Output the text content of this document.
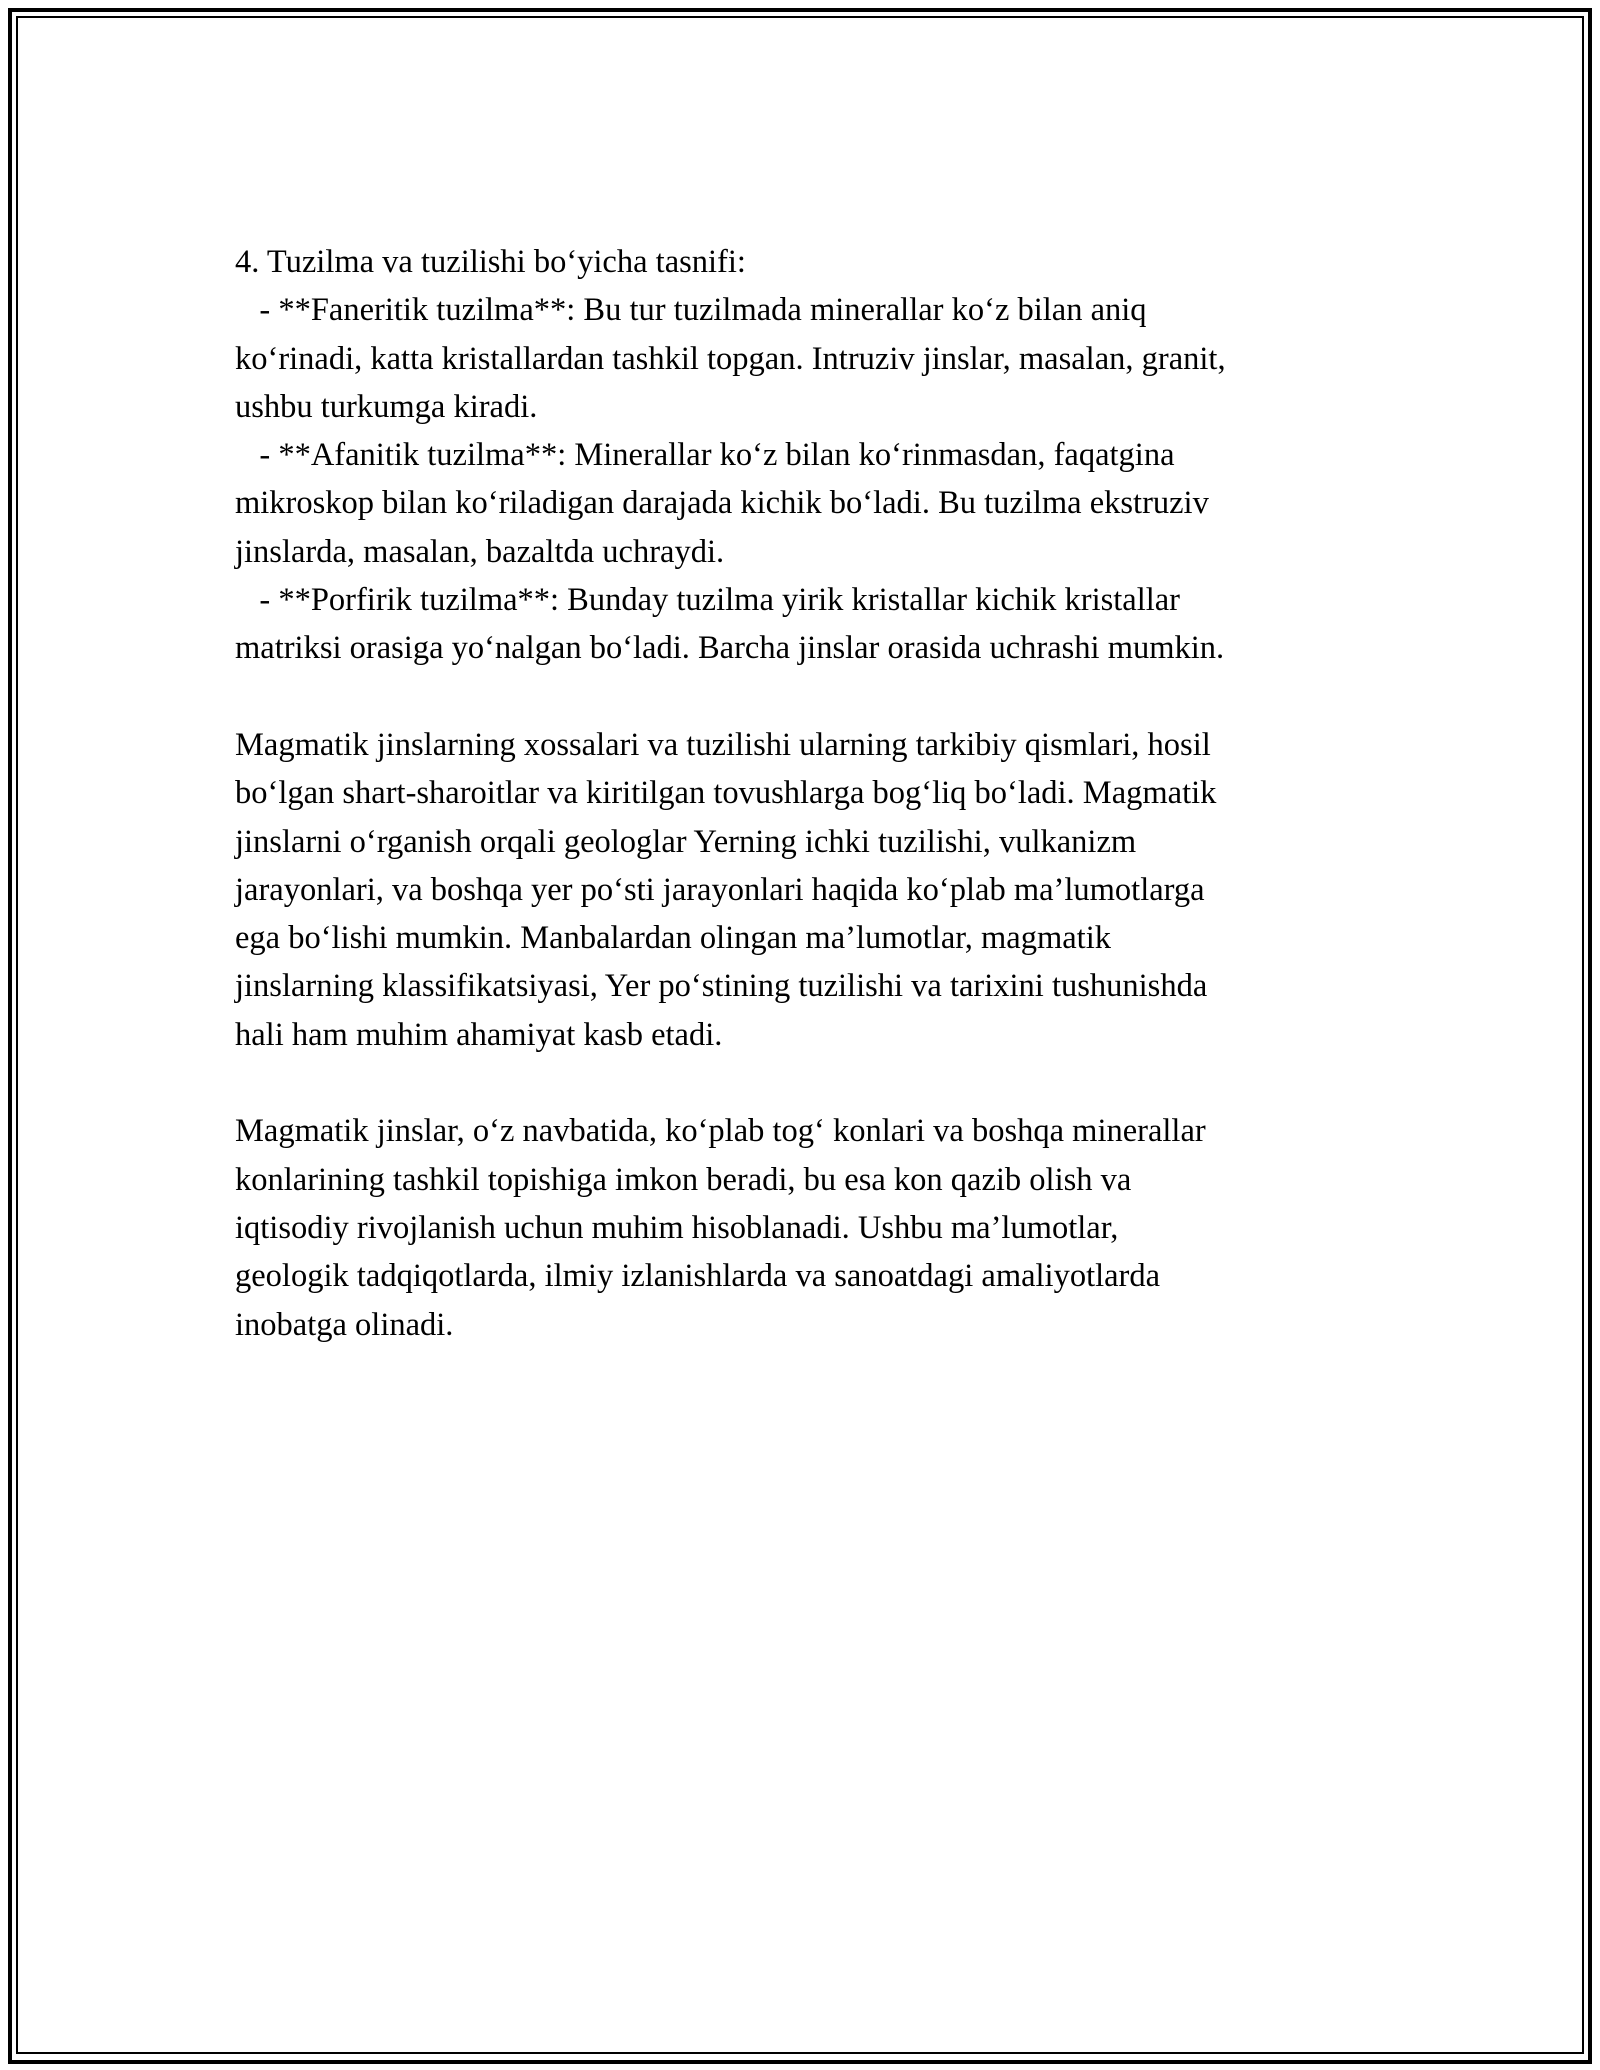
4. Tuzilma va tuzilishi bo‘yicha tasnifi:
- **Faneritik tuzilma**: Bu tur tuzilmada minerallar ko‘z bilan aniq
ko‘rinadi, katta kristallardan tashkil topgan. Intruziv jinslar, masalan, granit,
ushbu turkumga kiradi.
- **Afanitik tuzilma**: Minerallar ko‘z bilan ko‘rinmasdan, faqatgina
mikroskop bilan ko‘riladigan darajada kichik bo‘ladi. Bu tuzilma ekstruziv
jinslarda, masalan, bazaltda uchraydi.
- **Porfirik tuzilma**: Bunday tuzilma yirik kristallar kichik kristallar
matriksi orasiga yo‘nalgan bo‘ladi. Barcha jinslar orasida uchrashi mumkin.
Magmatik jinslarning xossalari va tuzilishi ularning tarkibiy qismlari, hosil
bo‘lgan shart-sharoitlar va kiritilgan tovushlarga bog‘liq bo‘ladi. Magmatik
jinslarni o‘rganish orqali geologlar Yerning ichki tuzilishi, vulkanizm
jarayonlari, va boshqa yer po‘sti jarayonlari haqida ko‘plab ma’lumotlarga
ega bo‘lishi mumkin. Manbalardan olingan ma’lumotlar, magmatik
jinslarning klassifikatsiyasi, Yer po‘stining tuzilishi va tarixini tushunishda
hali ham muhim ahamiyat kasb etadi.
Magmatik jinslar, o‘z navbatida, ko‘plab tog‘ konlari va boshqa minerallar
konlarining tashkil topishiga imkon beradi, bu esa kon qazib olish va
iqtisodiy rivojlanish uchun muhim hisoblanadi. Ushbu ma’lumotlar,
geologik tadqiqotlarda, ilmiy izlanishlarda va sanoatdagi amaliyotlarda
inobatga olinadi.
